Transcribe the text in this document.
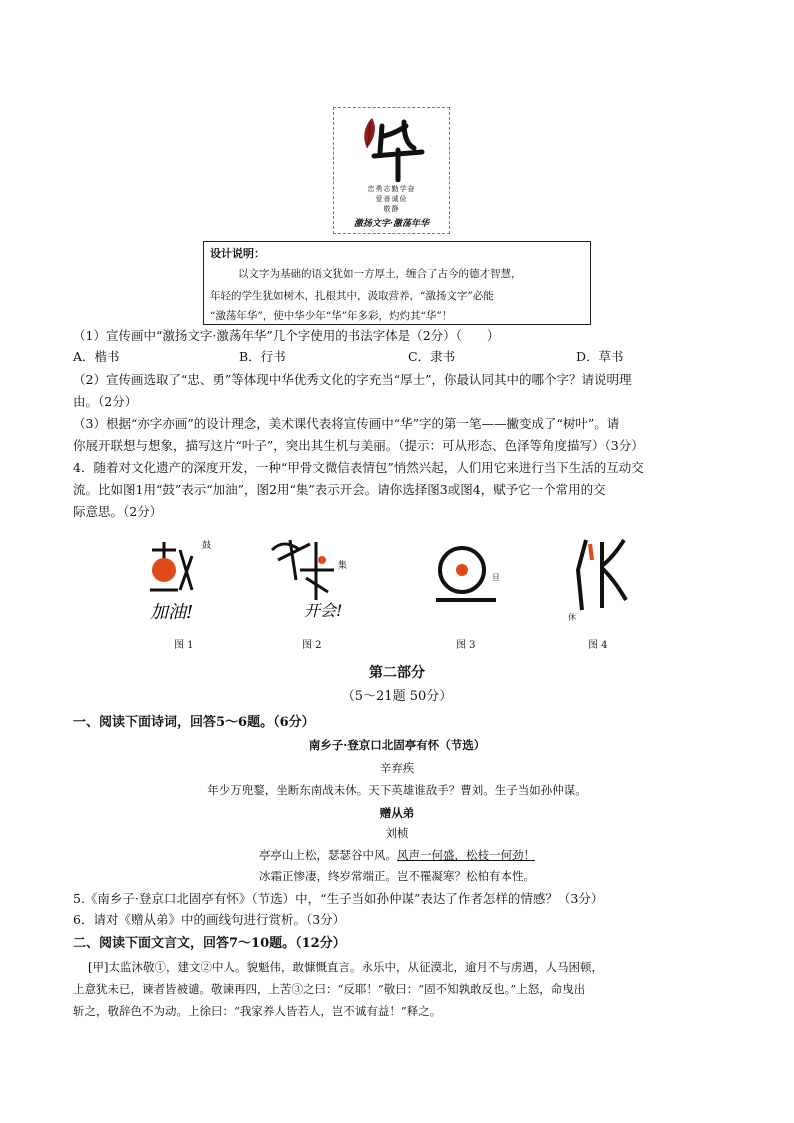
忠勇志勤学奋
爱善诚俭
敬静
激扬文字·激荡年华
设计说明：
以文字为基础的语文犹如一方厚土，缠合了古今的德才智慧，
年轻的学生犹如树木，扎根其中，汲取营养，“激扬文字”必能
“激荡年华”，使中华少年“华”年多彩，灼灼其“华”！
（1）宣传画中“激扬文字·激荡年华”几个字使用的书法字体是（2分）（　　）
A．楷书	B．行书	C．隶书	D．草书
（2）宣传画选取了“忠、勇”等体现中华优秀文化的字充当“厚土”，你最认同其中的哪个字？请说明理
由。（2分）
（3）根据“亦字亦画”的设计理念，美术课代表将宣传画中“华”字的第一笔——撇变成了“树叶”。请
你展开联想与想象，描写这片“叶子”，突出其生机与美丽。（提示：可从形态、色泽等角度描写）（3分）
4．随着对文化遗产的深度开发，一种“甲骨文微信表情包”悄然兴起，人们用它来进行当下生活的互动交
流。比如图1用“鼓”表示“加油”，图2用“集”表示开会。请你选择图3或图4，赋予它一个常用的交
际意思。（2分）
鼓
加油!
集
开会!
旦
休
图 1	图 2	图 3	图 4
第二部分
（5～21题 50分）
一、阅读下面诗词，回答5～6题。（6分）
南乡子·登京口北固亭有怀（节选）
辛弃疾
年少万兜鍪，坐断东南战未休。天下英雄谁敌手？曹刘。生子当如孙仲谋。
赠从弟
刘桢
亭亭山上松，瑟瑟谷中风。风声一何盛，松枝一何劲！
冰霜正惨凄，终岁常端正。岂不罹凝寒？松柏有本性。
5.《南乡子·登京口北固亭有怀》（节选）中，“生子当如孙仲谋”表达了作者怎样的情感？（3分）
6．请对《赠从弟》中的画线句进行赏析。（3分）
二、阅读下面文言文，回答7～10题。（12分）
[甲]太监沐敬①，建文②中人。貌魁伟，敢慷慨直言。永乐中，从征漠北，逾月不与虏遇，人马困顿，
上意犹未已，谏者皆被谴。敬谏再四，上苦③之曰：“反耶！”敬曰：“固不知孰敢反也。”上怒，命曳出
斩之，敬辞色不为动。上徐曰：“我家养人皆若人，岂不诚有益！”释之。
